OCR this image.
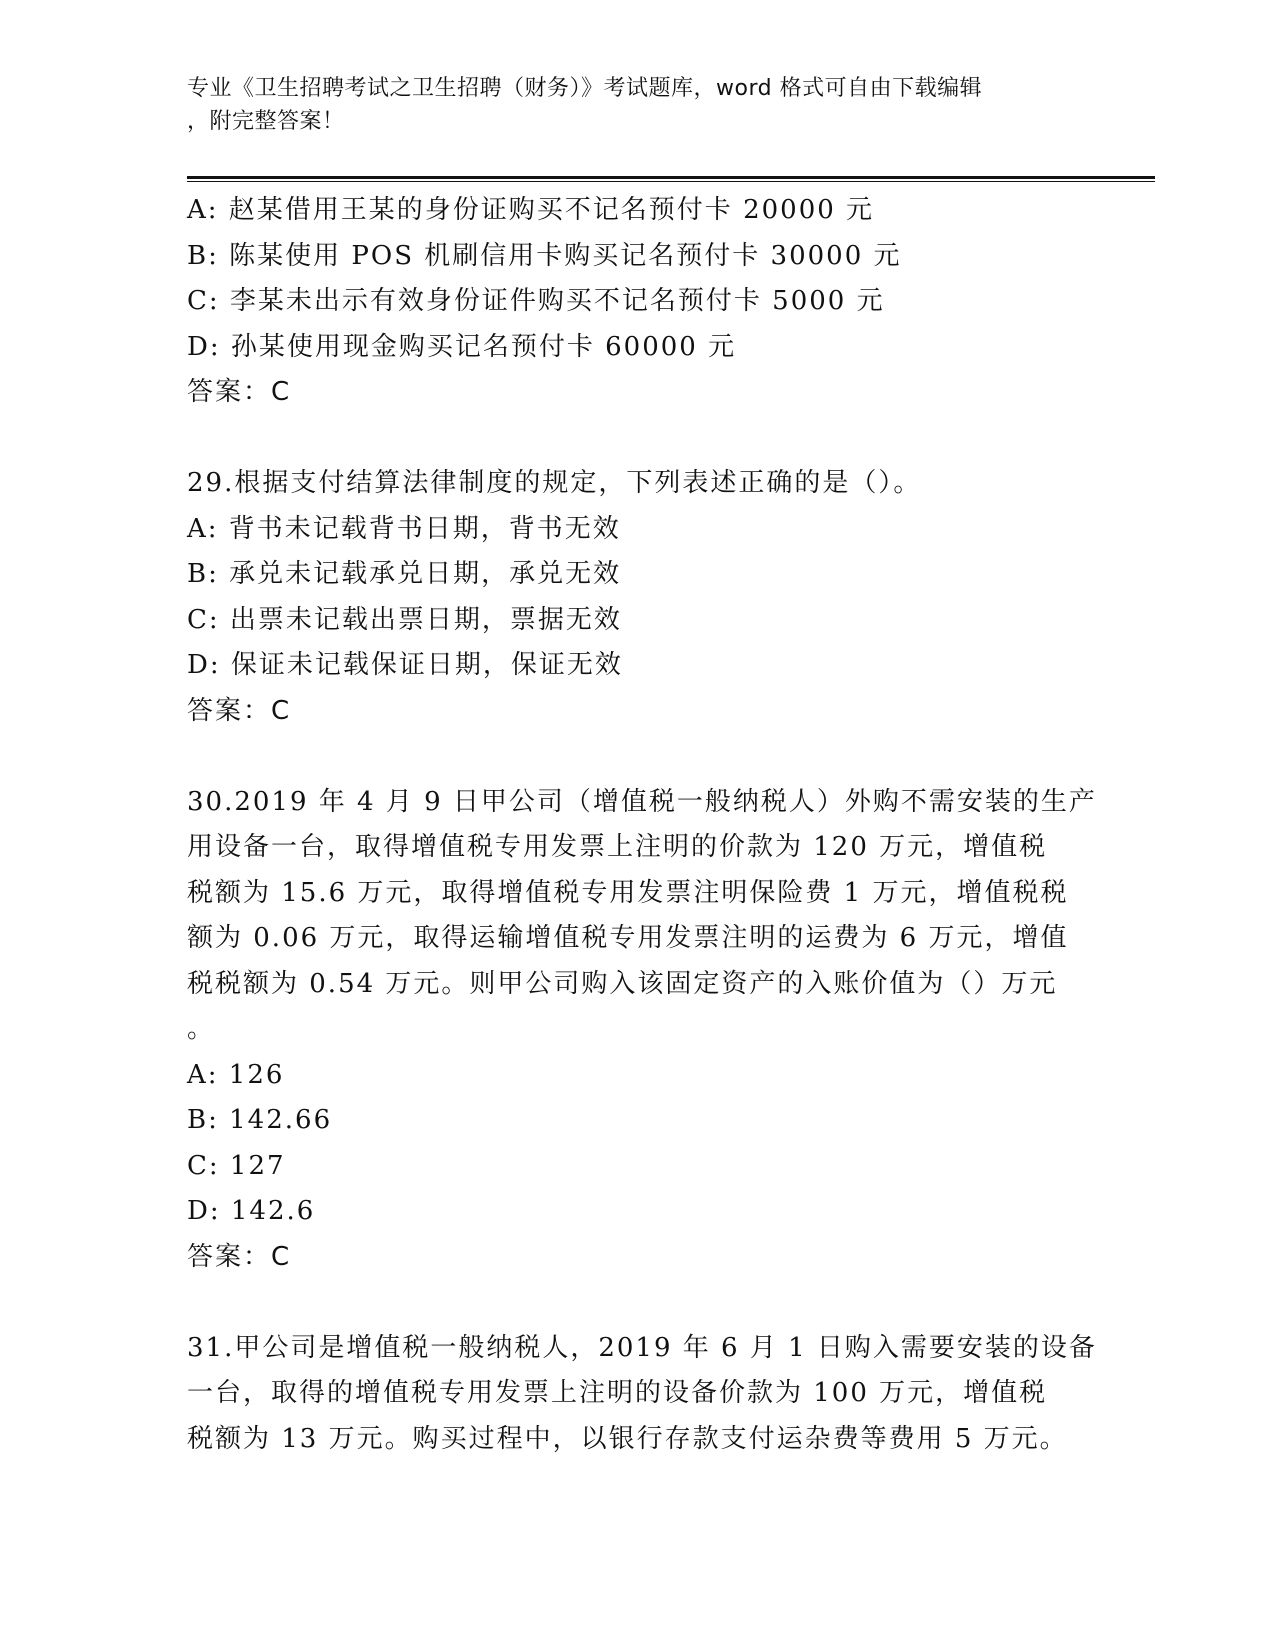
专业《卫生招聘考试之卫生招聘（财务）》考试题库，word 格式可自由下载编辑

，附完整答案！

A: 赵某借用王某的身份证购买不记名预付卡 20000 元
B: 陈某使用 POS 机刷信用卡购买记名预付卡 30000 元
C: 李某未出示有效身份证件购买不记名预付卡 5000 元
D: 孙某使用现金购买记名预付卡 60000 元
答案：C
29.根据支付结算法律制度的规定，下列表述正确的是（）。
A: 背书未记载背书日期，背书无效
B: 承兑未记载承兑日期，承兑无效
C: 出票未记载出票日期，票据无效
D: 保证未记载保证日期，保证无效
答案：C
30.2019 年 4 月 9 日甲公司（增值税一般纳税人）外购不需安装的生产
用设备一台，取得增值税专用发票上注明的价款为 120 万元，增值税
税额为 15.6 万元，取得增值税专用发票注明保险费 1 万元，增值税税
额为 0.06 万元，取得运输增值税专用发票注明的运费为 6 万元，增值
税税额为 0.54 万元。则甲公司购入该固定资产的入账价值为（）万元
。
A: 126
B: 142.66
C: 127
D: 142.6
答案：C
31.甲公司是增值税一般纳税人，2019 年 6 月 1 日购入需要安装的设备
一台，取得的增值税专用发票上注明的设备价款为 100 万元，增值税
税额为 13 万元。购买过程中，以银行存款支付运杂费等费用 5 万元。
